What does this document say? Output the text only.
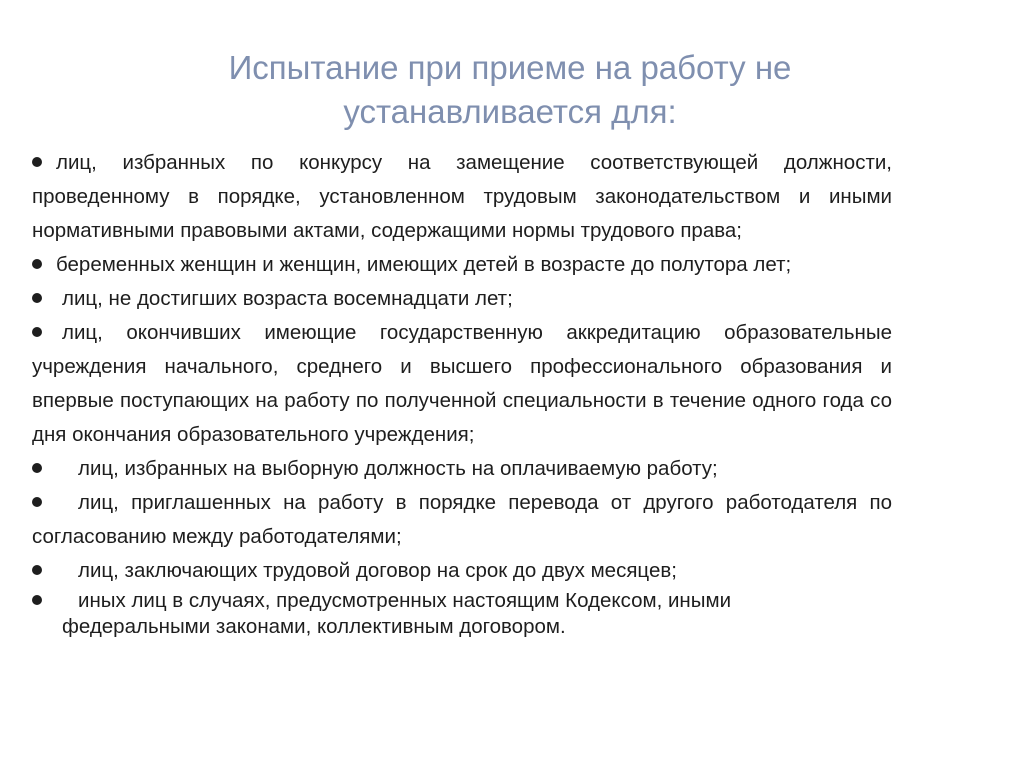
Испытание при приеме на работу не
устанавливается для:

лиц, избранных по конкурсу на замещение соответствующей должности, проведенному в порядке, установленном трудовым законодательством и иными нормативными правовыми актами, содержащими нормы трудового права;

беременных женщин и женщин, имеющих детей в возрасте до полутора лет;

лиц, не достигших возраста восемнадцати лет;

лиц, окончивших имеющие государственную аккредитацию образовательные учреждения начального, среднего и высшего профессионального образования и впервые поступающих на работу по полученной специальности в течение одного года со дня окончания образовательного учреждения;

лиц, избранных на выборную должность на оплачиваемую работу;

лиц, приглашенных на работу в порядке перевода от другого работодателя по согласованию между работодателями;

лиц, заключающих трудовой договор на срок до двух месяцев;

иных лиц в случаях, предусмотренных настоящим Кодексом, иными
федеральными законами, коллективным договором.
